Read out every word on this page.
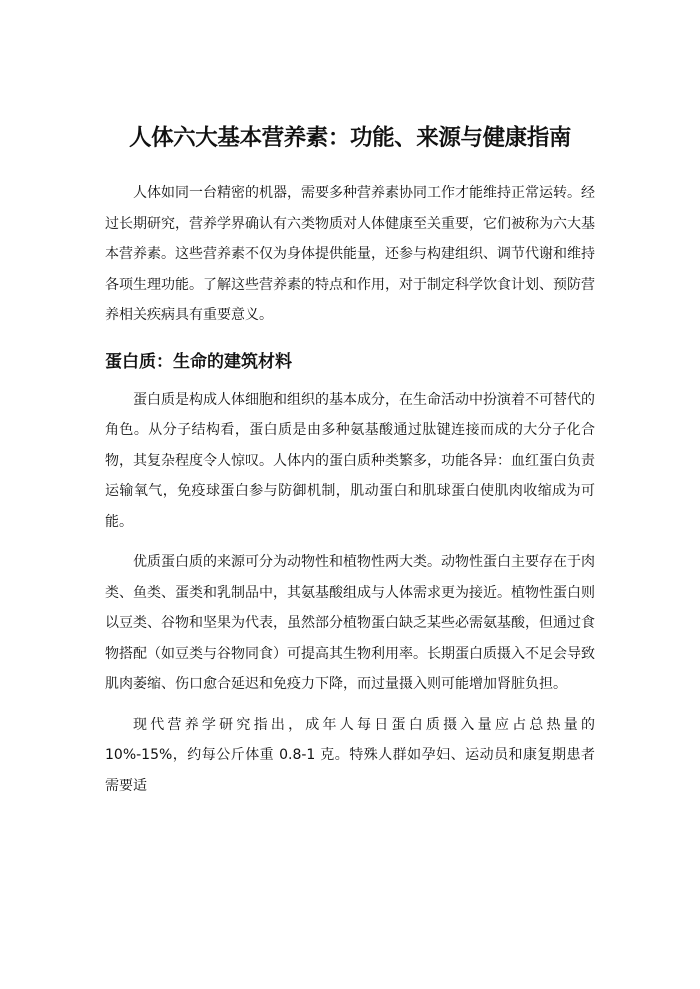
人体六大基本营养素：功能、来源与健康指南

人体如同一台精密的机器，需要多种营养素协同工作才能维持正常运转。经过长期研究，营养学界确认有六类物质对人体健康至关重要，它们被称为六大基本营养素。这些营养素不仅为身体提供能量，还参与构建组织、调节代谢和维持各项生理功能。了解这些营养素的特点和作用，对于制定科学饮食计划、预防营养相关疾病具有重要意义。

蛋白质：生命的建筑材料

蛋白质是构成人体细胞和组织的基本成分，在生命活动中扮演着不可替代的角色。从分子结构看，蛋白质是由多种氨基酸通过肽键连接而成的大分子化合物，其复杂程度令人惊叹。人体内的蛋白质种类繁多，功能各异：血红蛋白负责运输氧气，免疫球蛋白参与防御机制，肌动蛋白和肌球蛋白使肌肉收缩成为可能。

优质蛋白质的来源可分为动物性和植物性两大类。动物性蛋白主要存在于肉类、鱼类、蛋类和乳制品中，其氨基酸组成与人体需求更为接近。植物性蛋白则以豆类、谷物和坚果为代表，虽然部分植物蛋白缺乏某些必需氨基酸，但通过食物搭配（如豆类与谷物同食）可提高其生物利用率。长期蛋白质摄入不足会导致肌肉萎缩、伤口愈合延迟和免疫力下降，而过量摄入则可能增加肾脏负担。

现代营养学研究指出，成年人每日蛋白质摄入量应占总热量的 10%-15%，约每公斤体重 0.8-1 克。特殊人群如孕妇、运动员和康复期患者需要适
